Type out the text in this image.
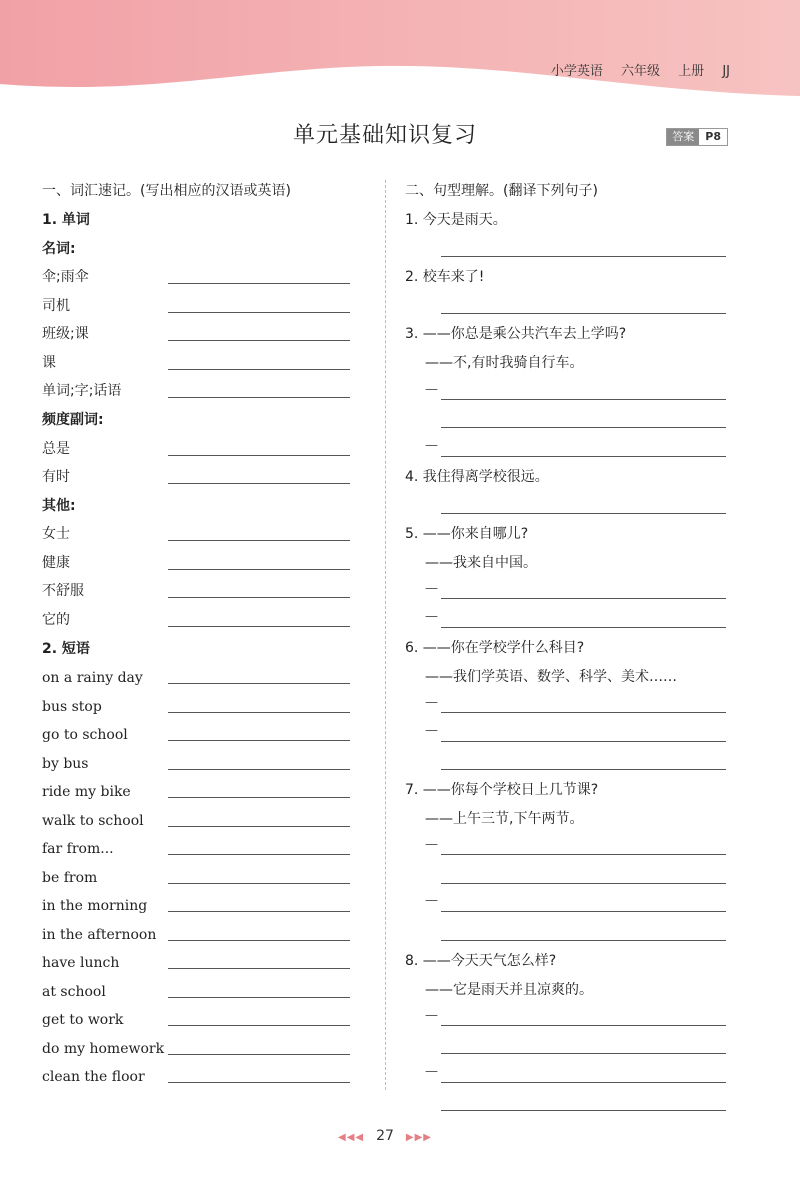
小学英语 六年级 上册 JJ
单元基础知识复习	答案	P8
一、词汇速记。(写出相应的汉语或英语)
1. 单词
名词:
伞;雨伞
司机
班级;课
课
单词;字;话语
频度副词:
总是
有时
其他:
女士
健康
不舒服
它的
2. 短语
on a rainy day
bus stop
go to school
by bus
ride my bike
walk to school
far from...
be from
in the morning
in the afternoon
have lunch
at school
get to work
do my homework
clean the floor
二、句型理解。(翻译下列句子)
1. 今天是雨天。
2. 校车来了!
3. ——你总是乘公共汽车去上学吗?
——不,有时我骑自行车。
—
—
4. 我住得离学校很远。
5. ——你来自哪儿?
——我来自中国。
—
—
6. ——你在学校学什么科目?
——我们学英语、数学、科学、美术……
—
—
7. ——你每个学校日上几节课?
——上午三节,下午两节。
—
—
8. ——今天天气怎么样?
——它是雨天并且凉爽的。
—
—
◀◀◀ 27 ▶▶▶
